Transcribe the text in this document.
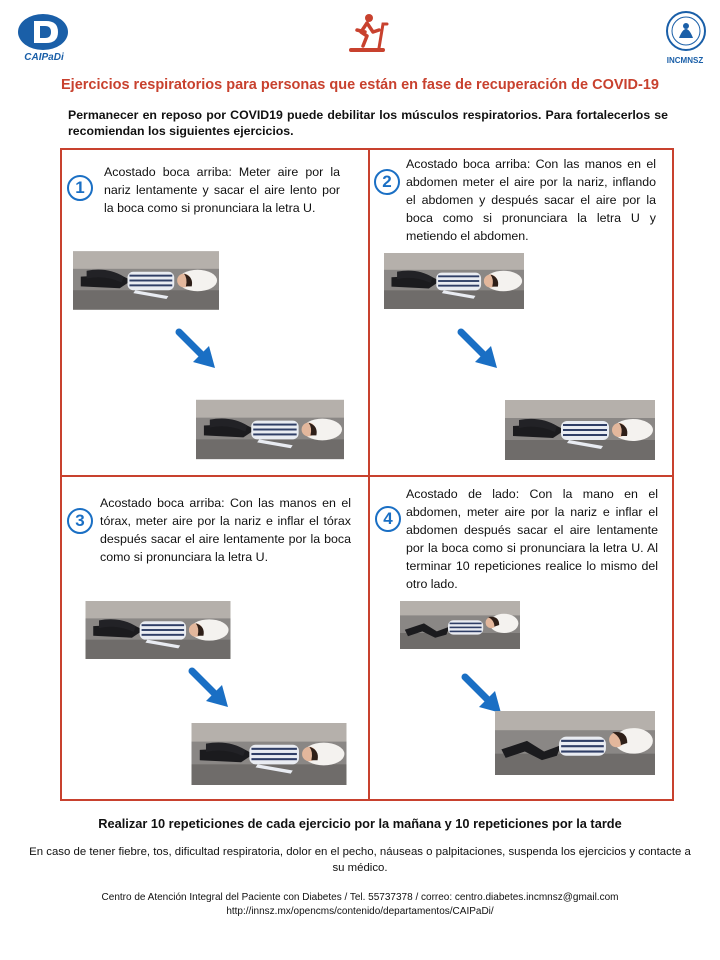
CAIPaDi	INCMNSZ
Ejercicios respiratorios para personas que están en fase de recuperación de COVID-19

Permanecer en reposo por COVID19 puede debilitar los músculos respiratorios. Para fortalecerlos se recomiendan los siguientes ejercicios.

1

Acostado boca arriba: Meter aire por la nariz lentamente y sacar el aire lento por la boca como si pronunciara la letra U.

2

Acostado boca arriba: Con las manos en el abdomen meter el aire por la nariz, inflando el abdomen y después sacar el aire por la boca como si pronunciara la letra U y metiendo el abdomen.

3

Acostado boca arriba: Con las manos en el tórax, meter aire por la nariz e inflar el tórax después sacar el aire lentamente por la boca como si pronunciara la letra U.

4

Acostado de lado: Con la mano en el abdomen, meter aire por la nariz e inflar el abdomen después sacar el aire lentamente por la boca como si pronunciara la letra U. Al terminar 10 repeticiones realice lo mismo del otro lado.

Realizar 10 repeticiones de cada ejercicio por la mañana y 10 repeticiones por la tarde

En caso de tener fiebre, tos, dificultad respiratoria, dolor en el pecho, náuseas o palpitaciones, suspenda los ejercicios y contacte a su médico.

Centro de Atención Integral del Paciente con Diabetes / Tel. 55737378 / correo: centro.diabetes.incmnsz@gmail.com
http://innsz.mx/opencms/contenido/departamentos/CAIPaDi/
